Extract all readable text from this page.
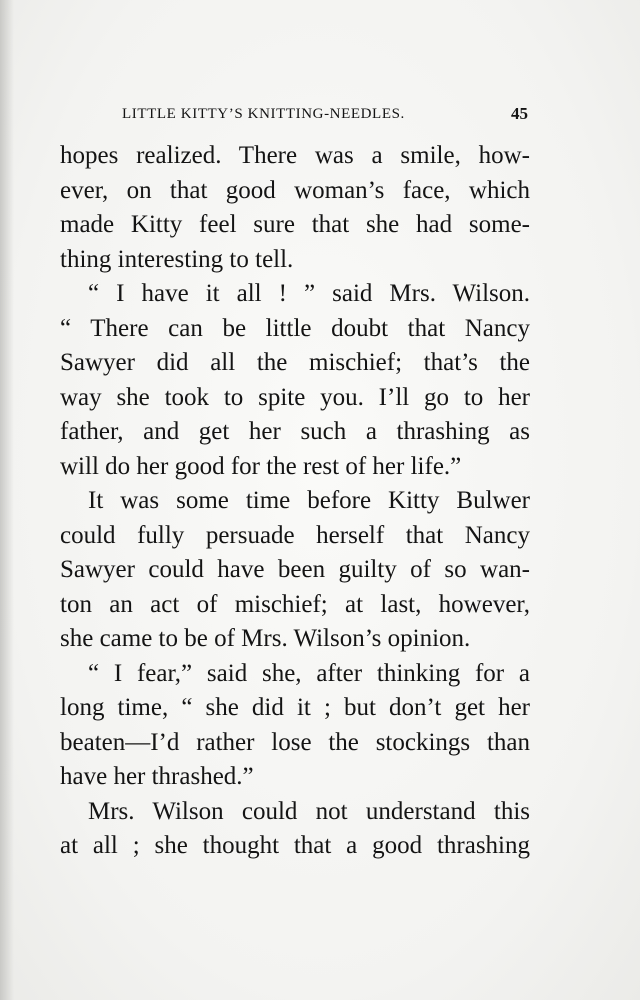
LITTLE KITTY’S KNITTING-NEEDLES.	45
hopes realized. There was a smile, how-
ever, on that good woman’s face, which
made Kitty feel sure that she had some-
thing interesting to tell.
“ I have it all ! ” said Mrs. Wilson.
“ There can be little doubt that Nancy
Sawyer did all the mischief; that’s the
way she took to spite you. I’ll go to her
father, and get her such a thrashing as
will do her good for the rest of her life.”
It was some time before Kitty Bulwer
could fully persuade herself that Nancy
Sawyer could have been guilty of so wan-
ton an act of mischief; at last, however,
she came to be of Mrs. Wilson’s opinion.
“ I fear,” said she, after thinking for a
long time, “ she did it ; but don’t get her
beaten—I’d rather lose the stockings than
have her thrashed.”
Mrs. Wilson could not understand this
at all ; she thought that a good thrashing
